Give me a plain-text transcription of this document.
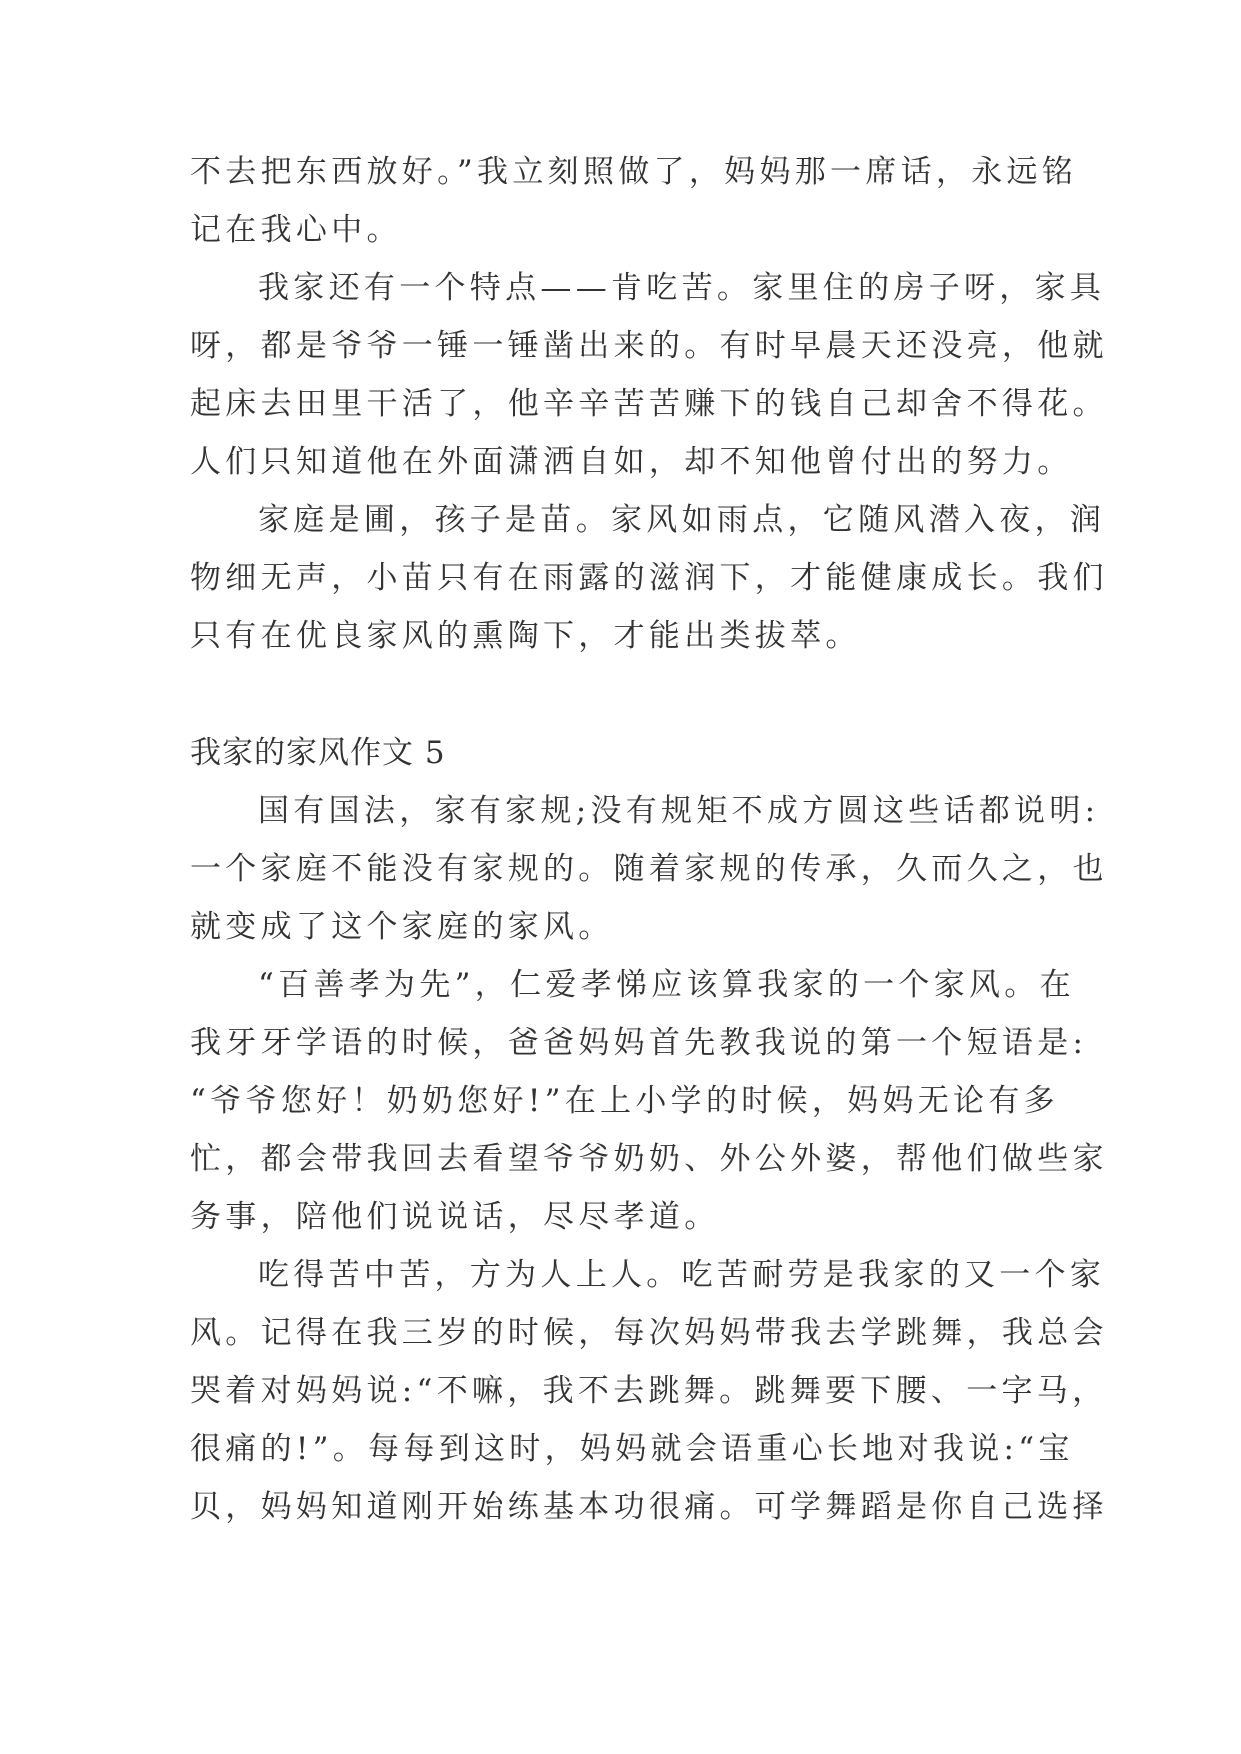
不去把东西放好。”我立刻照做了，妈妈那一席话，永远铭
记在我心中。
我家还有一个特点——肯吃苦。家里住的房子呀，家具
呀，都是爷爷一锤一锤凿出来的。有时早晨天还没亮，他就
起床去田里干活了，他辛辛苦苦赚下的钱自己却舍不得花。
人们只知道他在外面潇洒自如，却不知他曾付出的努力。
家庭是圃，孩子是苗。家风如雨点，它随风潜入夜，润
物细无声，小苗只有在雨露的滋润下，才能健康成长。我们
只有在优良家风的熏陶下，才能出类拔萃。
我家的家风作文 5
国有国法，家有家规;没有规矩不成方圆这些话都说明:
一个家庭不能没有家规的。随着家规的传承，久而久之，也
就变成了这个家庭的家风。
“百善孝为先”，仁爱孝悌应该算我家的一个家风。在
我牙牙学语的时候，爸爸妈妈首先教我说的第一个短语是:
“爷爷您好！奶奶您好!”在上小学的时候，妈妈无论有多
忙，都会带我回去看望爷爷奶奶、外公外婆，帮他们做些家
务事，陪他们说说话，尽尽孝道。
吃得苦中苦，方为人上人。吃苦耐劳是我家的又一个家
风。记得在我三岁的时候，每次妈妈带我去学跳舞，我总会
哭着对妈妈说:“不嘛，我不去跳舞。跳舞要下腰、一字马，
很痛的!”。每每到这时，妈妈就会语重心长地对我说:“宝
贝，妈妈知道刚开始练基本功很痛。可学舞蹈是你自己选择
